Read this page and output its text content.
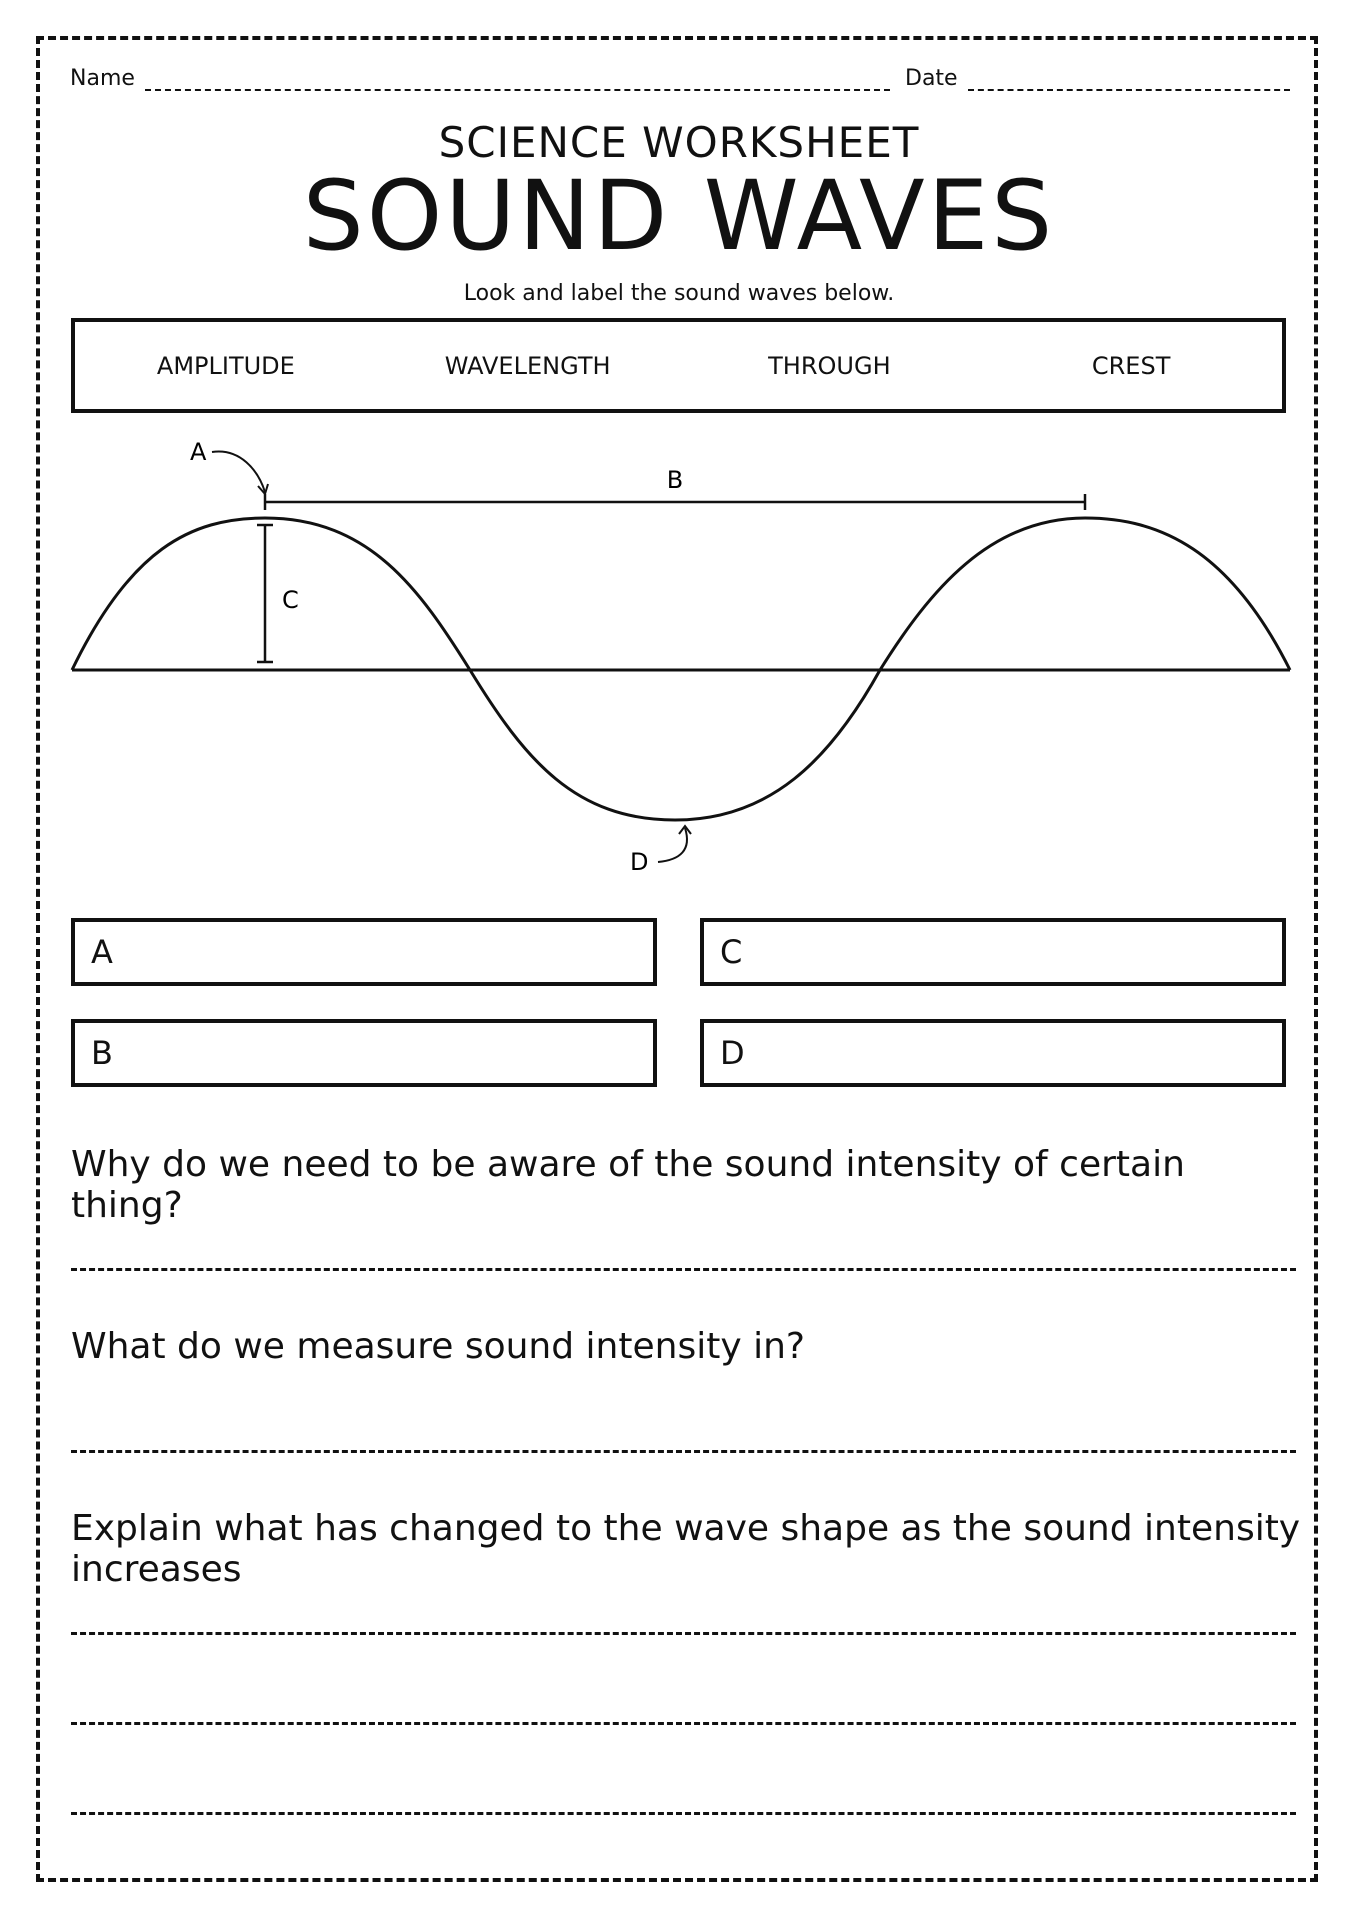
Name	Date
SCIENCE WORKSHEET
SOUND WAVES
Look and label the sound waves below.
AMPLITUDE	WAVELENGTH	THROUGH	CREST
B
C
A
D
A	C
B	D
Why do we need to be aware of the sound intensity of certain thing?
What do we measure sound intensity in?
Explain what has changed to the wave shape as the sound intensity increases
